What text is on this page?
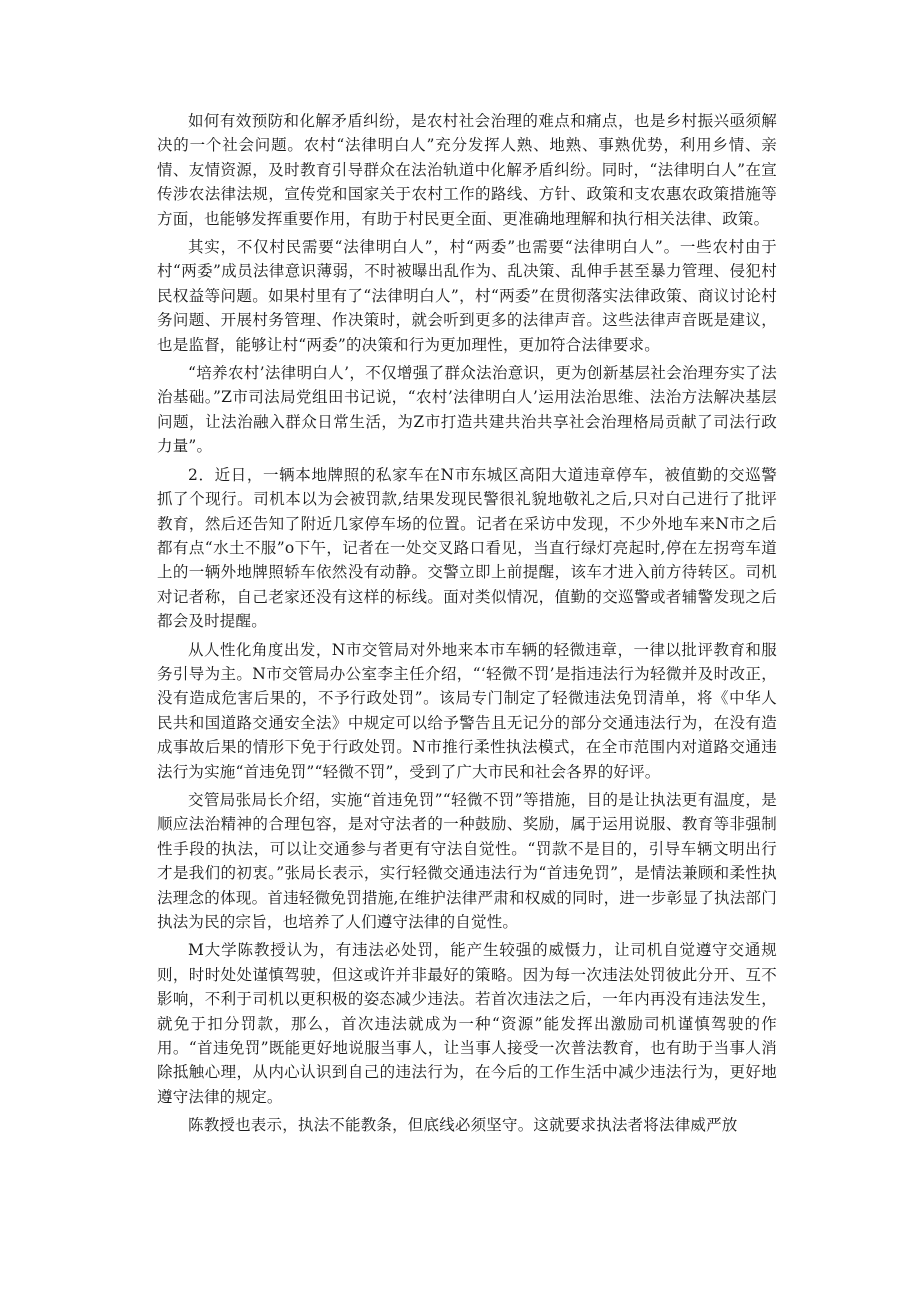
如何有效预防和化解矛盾纠纷，是农村社会治理的难点和痛点，也是乡村振兴亟须解决的一个社会问题。农村“法律明白人”充分发挥人熟、地熟、事熟优势，利用乡情、亲情、友情资源，及时教育引导群众在法治轨道中化解矛盾纠纷。同时，“法律明白人”在宣传涉农法律法规，宣传党和国家关于农村工作的路线、方针、政策和支农惠农政策措施等方面，也能够发挥重要作用，有助于村民更全面、更准确地理解和执行相关法律、政策。

其实，不仅村民需要“法律明白人”，村“两委”也需要“法律明白人”。一些农村由于村“两委”成员法律意识薄弱，不时被曝出乱作为、乱决策、乱伸手甚至暴力管理、侵犯村民权益等问题。如果村里有了“法律明白人”，村“两委”在贯彻落实法律政策、商议讨论村务问题、开展村务管理、作决策时，就会听到更多的法律声音。这些法律声音既是建议，也是监督，能够让村“两委”的决策和行为更加理性，更加符合法律要求。

“培养农村’法律明白人’，不仅增强了群众法治意识，更为创新基层社会治理夯实了法治基础。”Z市司法局党组田书记说，“农村’法律明白人’运用法治思维、法治方法解决基层问题，让法治融入群众日常生活，为Z市打造共建共治共享社会治理格局贡献了司法行政力量”。

2．近日，一辆本地牌照的私家车在N市东城区高阳大道违章停车，被值勤的交巡警抓了个现行。司机本以为会被罚款,结果发现民警很礼貌地敬礼之后,只对白己进行了批评教育，然后还告知了附近几家停车场的位置。记者在采访中发现，不少外地车来N市之后都有点“水土不服”o下午，记者在一处交叉路口看见，当直行绿灯亮起时,停在左拐弯车道上的一辆外地牌照轿车依然没有动静。交警立即上前提醒，该车才进入前方待转区。司机对记者称，自己老家还没有这样的标线。面对类似情况，值勤的交巡警或者辅警发现之后都会及时提醒。

从人性化角度出发，N市交管局对外地来本市车辆的轻微违章，一律以批评教育和服务引导为主。N市交管局办公室李主任介绍，“‘轻微不罚’是指违法行为轻微并及时改正，没有造成危害后果的，不予行政处罚”。该局专门制定了轻微违法免罚清单，将《中华人民共和国道路交通安全法》中规定可以给予警告且无记分的部分交通违法行为，在没有造成事故后果的情形下免于行政处罚。N市推行柔性执法模式，在全市范围内对道路交通违法行为实施“首违免罚”“轻微不罚”，受到了广大市民和社会各界的好评。

交管局张局长介绍，实施“首违免罚”“轻微不罚”等措施，目的是让执法更有温度，是顺应法治精神的合理包容，是对守法者的一种鼓励、奖励，属于运用说服、教育等非强制性手段的执法，可以让交通参与者更有守法自觉性。“罚款不是目的，引导车辆文明出行才是我们的初衷。”张局长表示，实行轻微交通违法行为“首违免罚”，是情法兼顾和柔性执法理念的体现。首违轻微免罚措施,在维护法律严肃和权威的同时，进一步彰显了执法部门执法为民的宗旨，也培养了人们遵守法律的自觉性。

M大学陈教授认为，有违法必处罚，能产生较强的威慑力，让司机自觉遵守交通规则，时时处处谨慎驾驶，但这或许并非最好的策略。因为每一次违法处罚彼此分开、互不影响，不利于司机以更积极的姿态减少违法。若首次违法之后，一年内再没有违法发生，就免于扣分罚款，那么，首次违法就成为一种“资源”能发挥出激励司机谨慎驾驶的作用。“首违免罚”既能更好地说服当事人，让当事人接受一次普法教育，也有助于当事人消除抵触心理，从内心认识到自己的违法行为，在今后的工作生活中减少违法行为，更好地遵守法律的规定。

陈教授也表示，执法不能教条，但底线必须坚守。这就要求执法者将法律威严放
